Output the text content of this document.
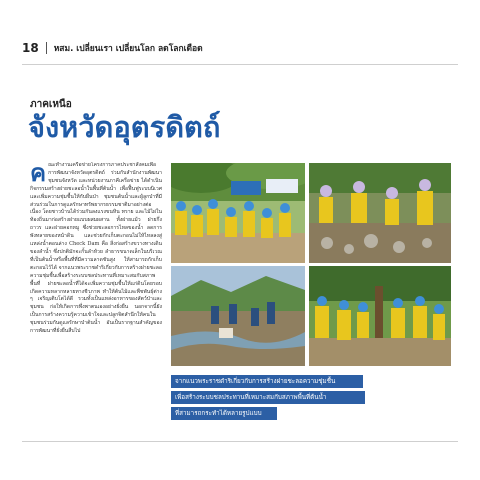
18 หสม. เปลี่ยนเรา เปลี่ยนโลก ลดโลกเดือด
ภาคเหนือ
จังหวัดอุตรดิตถ์
ค ณะทำงานเครือข่ายโครงการภาคประชาสังคมเพื่อการพัฒนาจังหวัดอุตรดิตถ์ ร่วมกับสำนักงานพัฒนาชุมชนจังหวัด และหน่วยงานภาคีเครือข่าย ได้ดำเนินกิจกรรมสร้างฝายชะลอน้ำในพื้นที่ต้นน้ำ เพื่อฟื้นฟูระบบนิเวศและเพิ่มความชุ่มชื้นให้กับผืนป่า ชุมชนต้นน้ำและผู้ลูกป่าที่มีส่วนร่วมในการดูแลรักษาทรัพยากรธรรมชาติมาอย่างต่อเนื่อง โดยชาวบ้านได้ร่วมกันลงแรงขนหิน ทราย และไม้ไผ่ในท้องถิ่นมาก่อสร้างฝายแบบผสมผสาน ทั้งฝายแม้ว ฝายกึ่งถาวร และฝายคอกหมู ซึ่งช่วยชะลอการไหลของน้ำ ลดการพังทลายของหน้าดิน และช่วยกักเก็บตะกอนไม่ให้ไหลลงสู่แหล่งน้ำตอนล่าง Check Dam คือ สิ่งก่อสร้างขวางทางเดินของลำน้ำ ซึ่งปกติมักจะกั้นลำห้วย ลำธารขนาดเล็กในบริเวณที่เป็นต้นน้ำหรือพื้นที่ที่มีความลาดชันสูง ให้สามารถกักเก็บตะกอนไว้ได้ จากแนวพระราชดำริเกี่ยวกับการสร้างฝายชะลอความชุ่มชื้นเพื่อสร้างระบบชลประทานที่เหมาะสมกับสภาพพื้นที่ ฝายชะลอน้ำที่ได้จะเพิ่มความชุ่มชื้นให้แก่ดินโดยรอบ เกิดความหลากหลายทางชีวภาพ ทำให้ต้นไม้และพืชพันธุ์ต่าง ๆ เจริญเติบโตได้ดี รวมทั้งเป็นแหล่งอาหารของสัตว์ป่าและชุมชน ก่อให้เกิดการพึ่งพาตนเองอย่างยั่งยืน นอกจากนี้ยังเป็นการสร้างความรู้ความเข้าใจและปลูกจิตสำนึกให้คนในชุมชนร่วมกันดูแลรักษาป่าต้นน้ำ อันเป็นรากฐานสำคัญของการพัฒนาที่ยั่งยืนสืบไป
จากแนวพระราชดำริเกี่ยวกับการสร้างฝายชะลอความชุ่มชื้น
เพื่อสร้างระบบชลประทานที่เหมาะสมกับสภาพพื้นที่ต้นน้ำ
ที่สามารถกระทำได้หลายรูปแบบ
